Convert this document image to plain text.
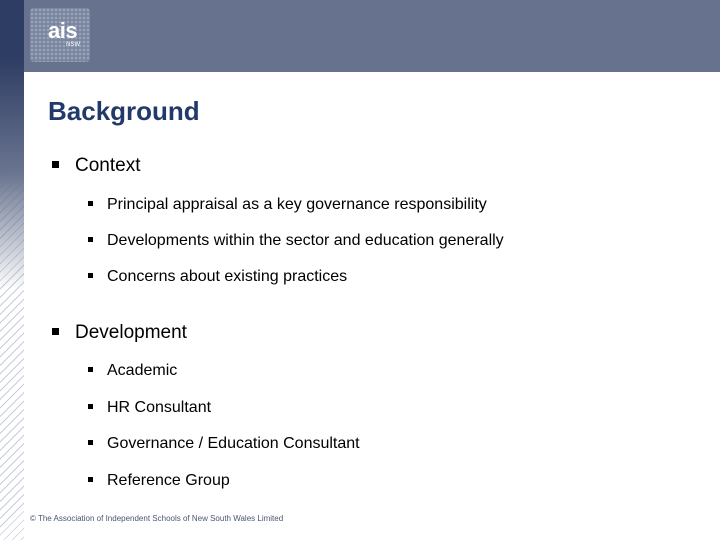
ais
NSW
Background
Context
Principal appraisal as a key governance responsibility
Developments within the sector and education generally
Concerns about existing practices
Development
Academic
HR Consultant
Governance / Education Consultant
Reference Group
© The Association of Independent Schools of New South Wales Limited
